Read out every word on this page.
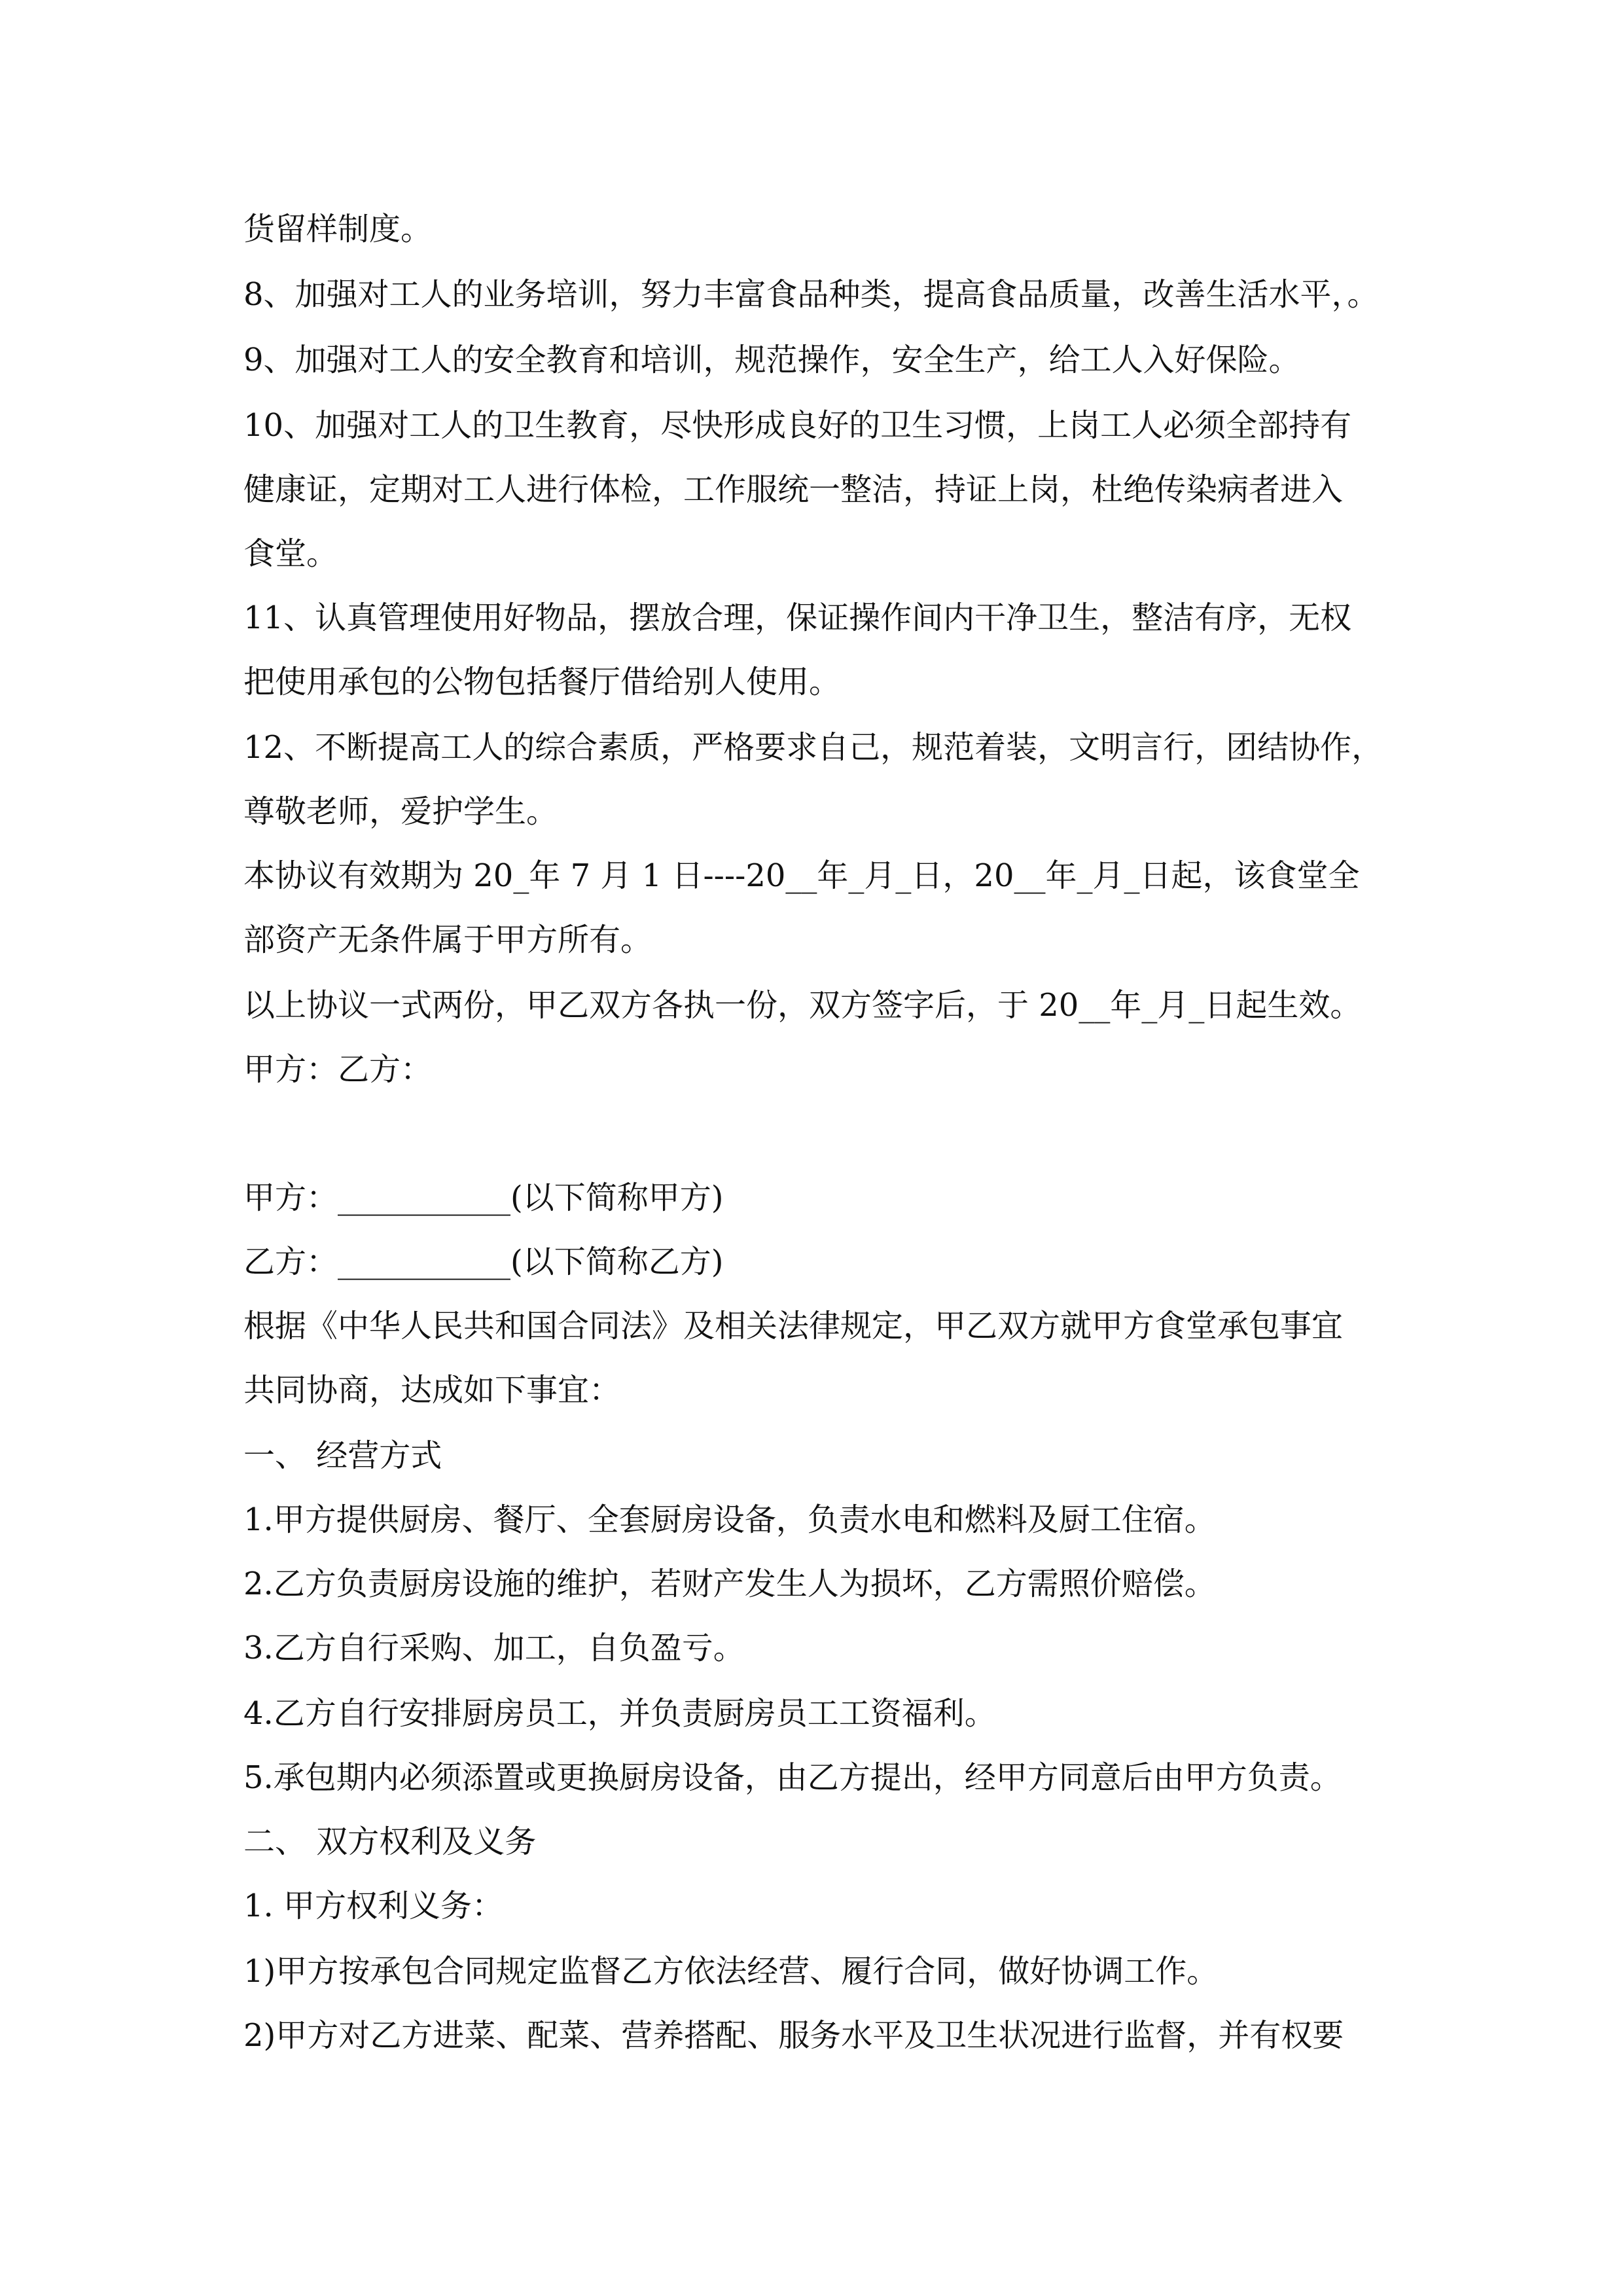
货留样制度。

8、加强对工人的业务培训，努力丰富食品种类，提高食品质量，改善生活水平，。

9、加强对工人的安全教育和培训，规范操作，安全生产，给工人入好保险。

10、加强对工人的卫生教育，尽快形成良好的卫生习惯，上岗工人必须全部持有

健康证，定期对工人进行体检，工作服统一整洁，持证上岗，杜绝传染病者进入

食堂。

11、认真管理使用好物品，摆放合理，保证操作间内干净卫生，整洁有序，无权

把使用承包的公物包括餐厅借给别人使用。

12、不断提高工人的综合素质，严格要求自己，规范着装，文明言行，团结协作，

尊敬老师，爱护学生。

本协议有效期为 20_年 7 月 1 日----20__年_月_日，20__年_月_日起，该食堂全

部资产无条件属于甲方所有。

以上协议一式两份，甲乙双方各执一份，双方签字后，于 20__年_月_日起生效。

甲方：乙方：

甲方：___________(以下简称甲方)

乙方：___________(以下简称乙方)

根据《中华人民共和国合同法》及相关法律规定，甲乙双方就甲方食堂承包事宜

共同协商，达成如下事宜：

一、 经营方式

1.甲方提供厨房、餐厅、全套厨房设备，负责水电和燃料及厨工住宿。

2.乙方负责厨房设施的维护，若财产发生人为损坏，乙方需照价赔偿。

3.乙方自行采购、加工，自负盈亏。

4.乙方自行安排厨房员工，并负责厨房员工工资福利。

5.承包期内必须添置或更换厨房设备，由乙方提出，经甲方同意后由甲方负责。

二、 双方权利及义务

1. 甲方权利义务：

1)甲方按承包合同规定监督乙方依法经营、履行合同，做好协调工作。

2)甲方对乙方进菜、配菜、营养搭配、服务水平及卫生状况进行监督，并有权要
